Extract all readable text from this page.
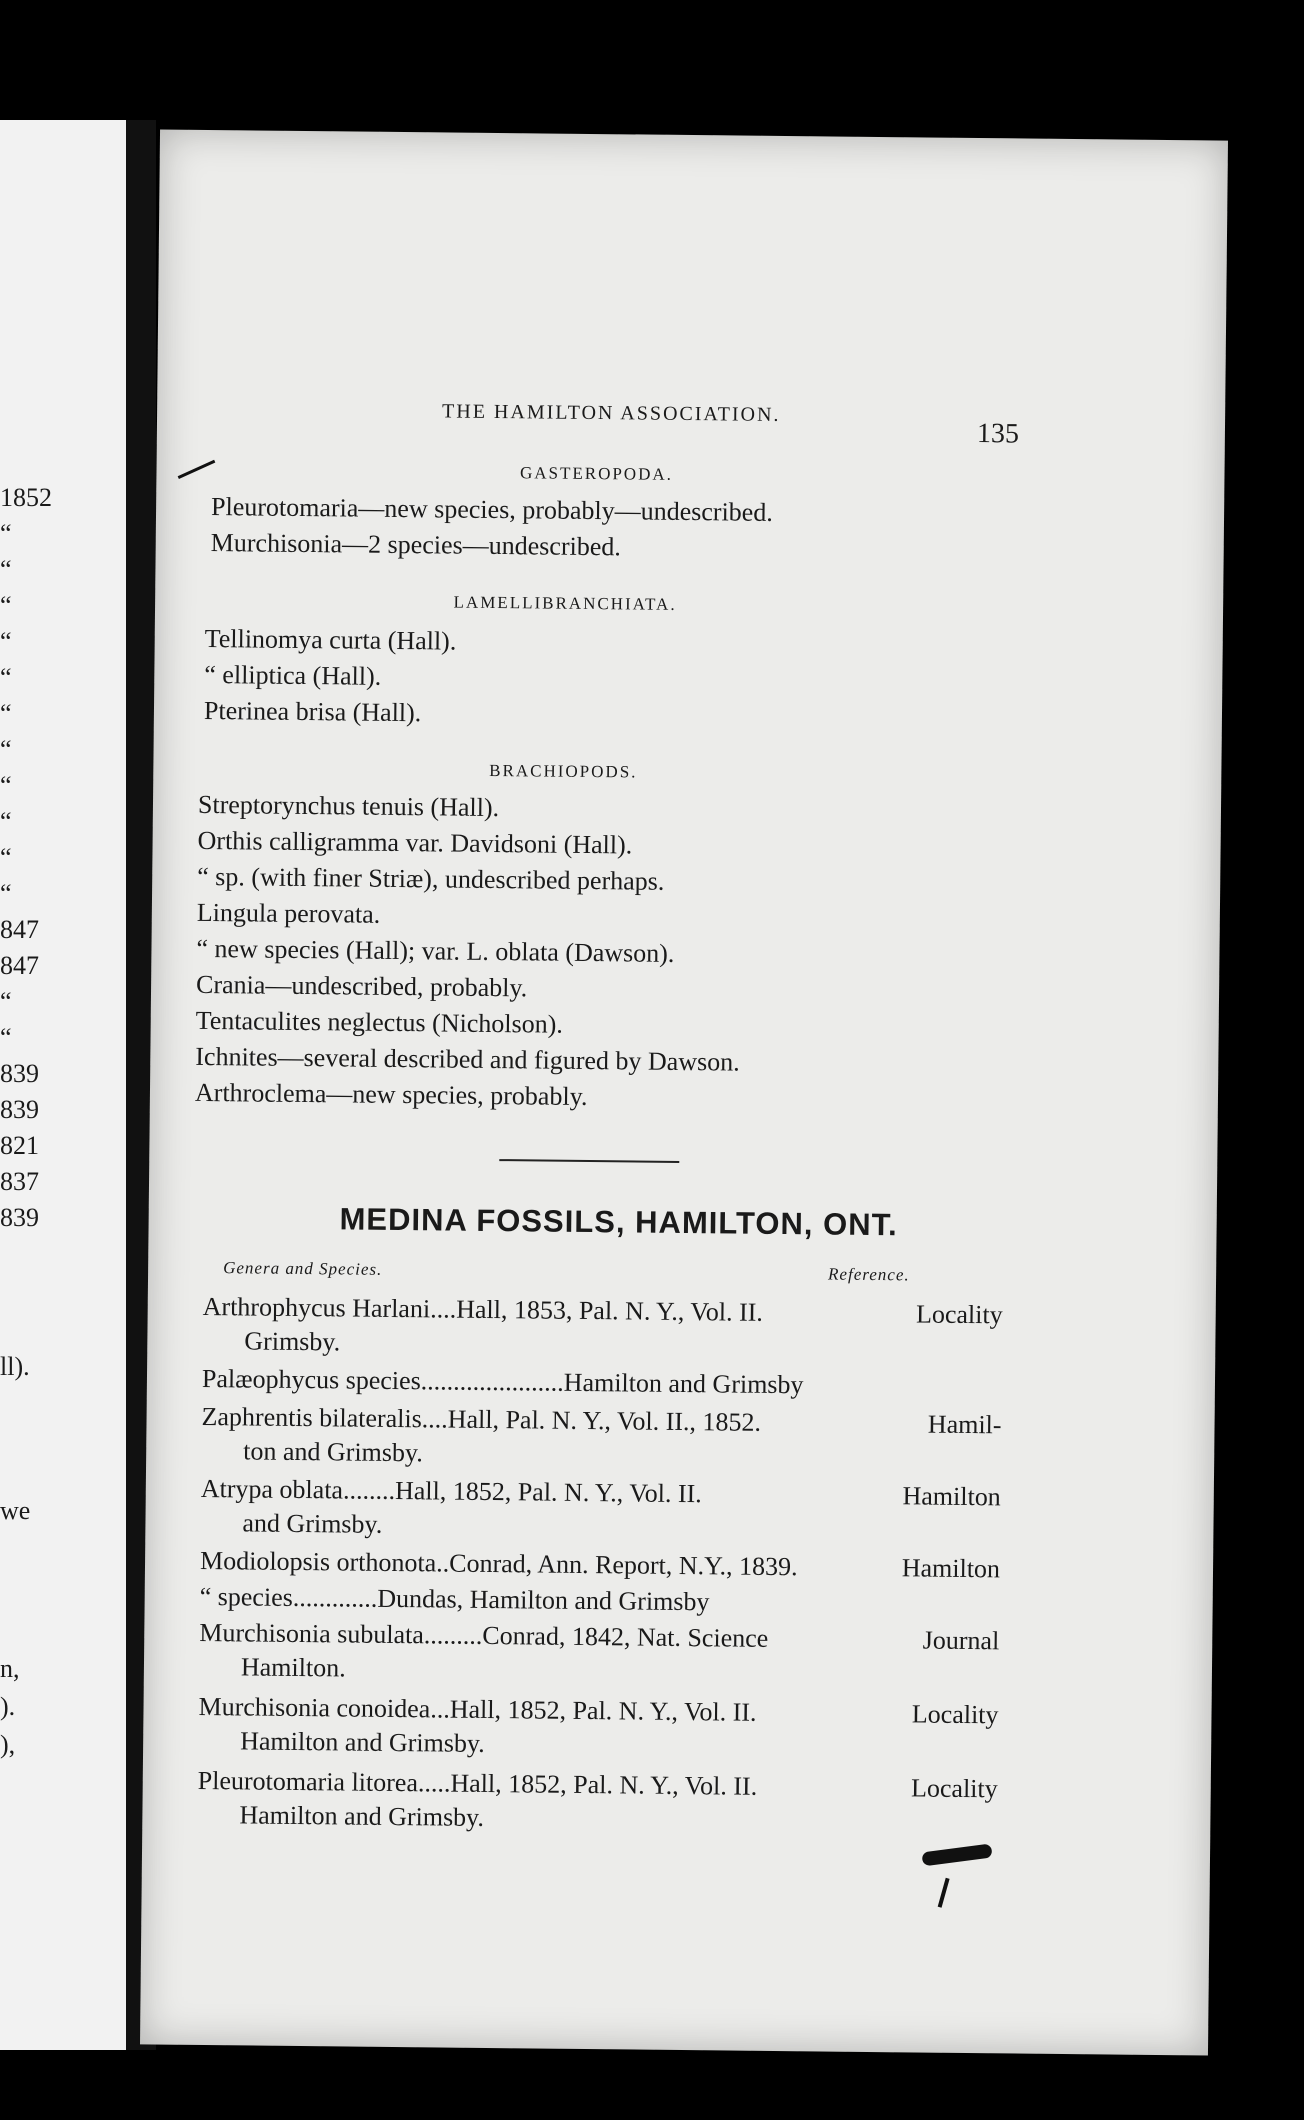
1852
“
“
“
“
“
“
“
“
“
“
“
847
847
“
“
839
839
821
837
839
ll).
we
n,
).
),
THE HAMILTON ASSOCIATION.
135
GASTEROPODA.
Pleurotomaria—new species, probably—undescribed.
Murchisonia—2 species—undescribed.
LAMELLIBRANCHIATA.
Tellinomya curta (Hall).
“ elliptica (Hall).
Pterinea brisa (Hall).
BRACHIOPODS.
Streptorynchus tenuis (Hall).
Orthis calligramma var. Davidsoni (Hall).
“ sp. (with finer Striæ), undescribed perhaps.
Lingula perovata.
“ new species (Hall); var. L. oblata (Dawson).
Crania—undescribed, probably.
Tentaculites neglectus (Nicholson).
Ichnites—several described and figured by Dawson.
Arthroclema—new species, probably.
MEDINA FOSSILS, HAMILTON, ONT.
Genera and Species.	Reference.
Arthrophycus Harlani....Hall, 1853, Pal. N. Y., Vol. II.	Locality
Grimsby.
Palæophycus species......................Hamilton and Grimsby
Zaphrentis bilateralis....Hall, Pal. N. Y., Vol. II., 1852.	Hamil-
ton and Grimsby.
Atrypa oblata........Hall, 1852, Pal. N. Y., Vol. II.	Hamilton
and Grimsby.
Modiolopsis orthonota..Conrad, Ann. Report, N.Y., 1839.	Hamilton
“ species.............Dundas, Hamilton and Grimsby
Murchisonia subulata.........Conrad, 1842, Nat. Science	Journal
Hamilton.
Murchisonia conoidea...Hall, 1852, Pal. N. Y., Vol. II.	Locality
Hamilton and Grimsby.
Pleurotomaria litorea.....Hall, 1852, Pal. N. Y., Vol. II.	Locality
Hamilton and Grimsby.
